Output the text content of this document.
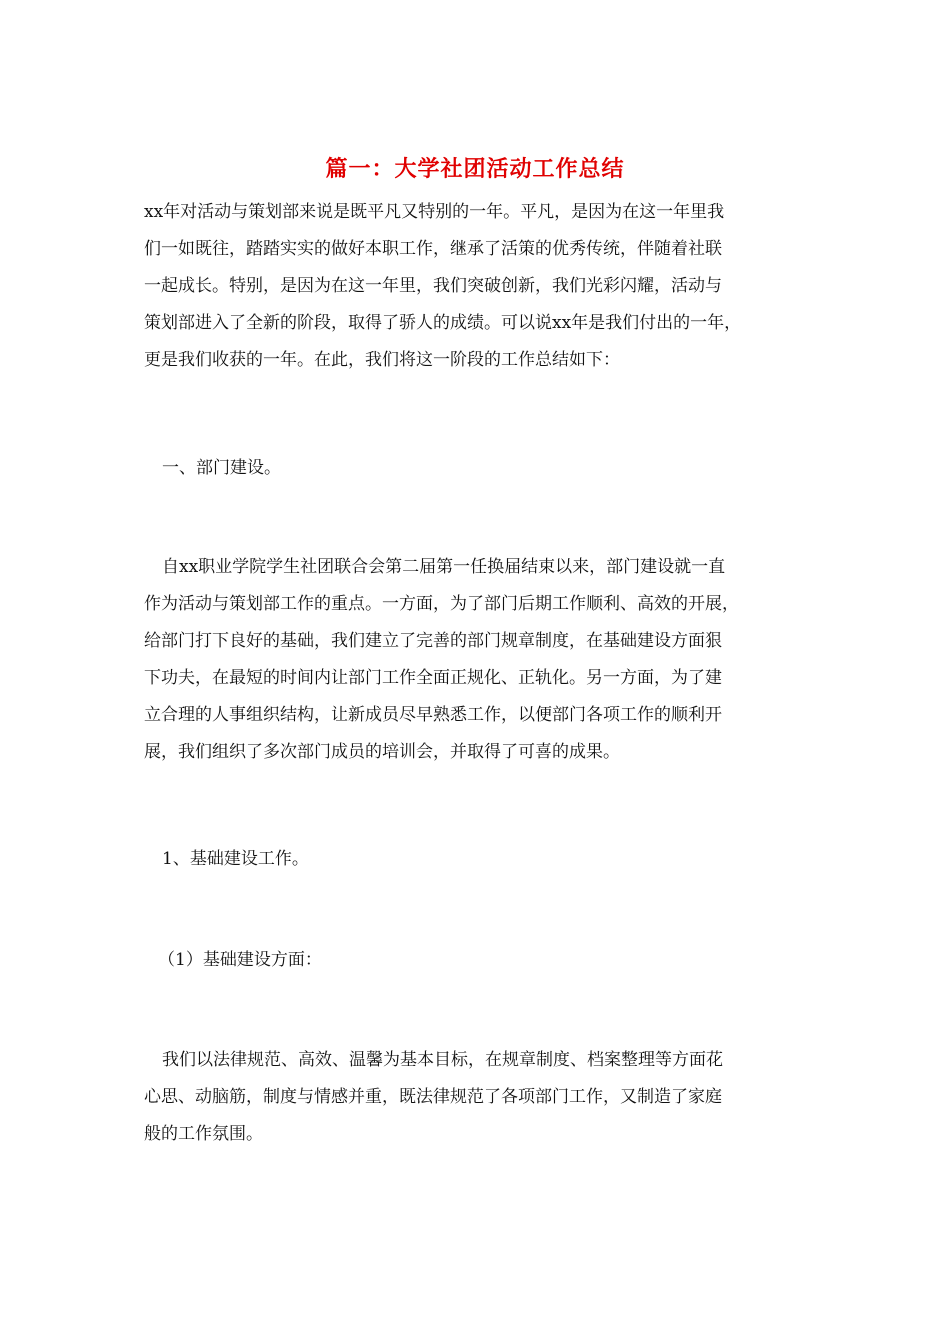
篇一：大学社团活动工作总结

xx年对活动与策划部来说是既平凡又特别的一年。平凡，是因为在这一年里我
们一如既往，踏踏实实的做好本职工作，继承了活策的优秀传统，伴随着社联
一起成长。特别，是因为在这一年里，我们突破创新，我们光彩闪耀，活动与
策划部进入了全新的阶段，取得了骄人的成绩。可以说xx年是我们付出的一年，
更是我们收获的一年。在此，我们将这一阶段的工作总结如下：

一、部门建设。

自xx职业学院学生社团联合会第二届第一任换届结束以来，部门建设就一直
作为活动与策划部工作的重点。一方面，为了部门后期工作顺利、高效的开展，
给部门打下良好的基础，我们建立了完善的部门规章制度，在基础建设方面狠
下功夫，在最短的时间内让部门工作全面正规化、正轨化。另一方面，为了建
立合理的人事组织结构，让新成员尽早熟悉工作，以便部门各项工作的顺利开
展，我们组织了多次部门成员的培训会，并取得了可喜的成果。

1、基础建设工作。
（1）基础建设方面：

我们以法律规范、高效、温馨为基本目标，在规章制度、档案整理等方面花
心思、动脑筋，制度与情感并重，既法律规范了各项部门工作，又制造了家庭
般的工作氛围。
